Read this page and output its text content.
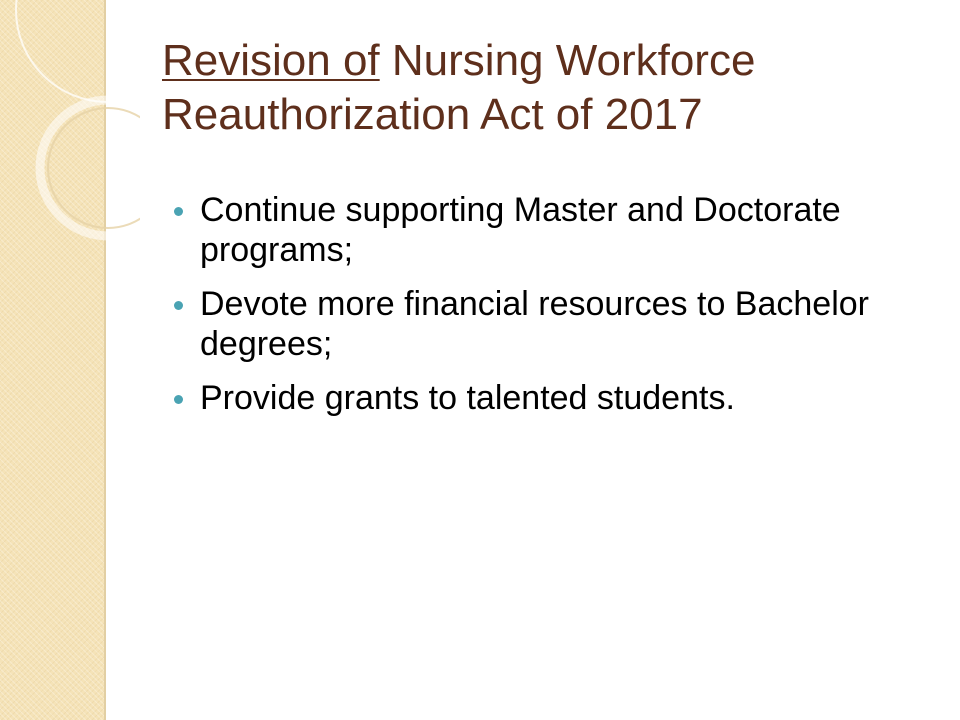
Revision of Nursing Workforce Reauthorization Act of 2017
Continue supporting Master and Doctorate programs;
Devote more financial resources to Bachelor degrees;
Provide grants to talented students.
